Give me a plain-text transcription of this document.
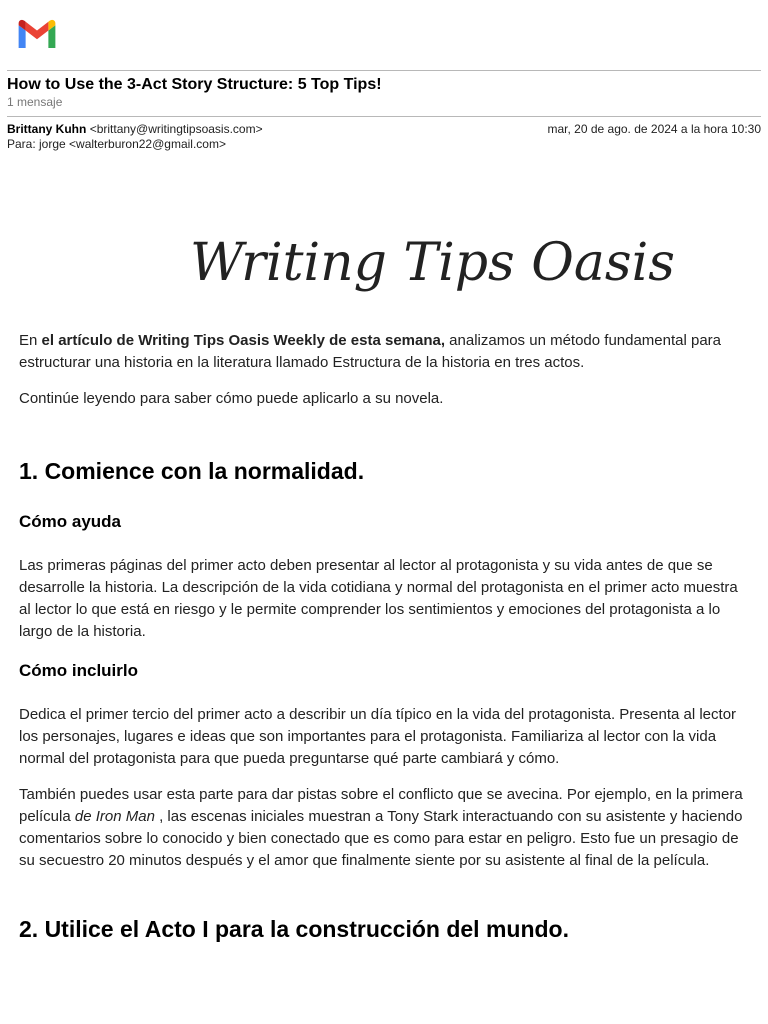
How to Use the 3-Act Story Structure: 5 Top Tips!
1 mensaje
Brittany Kuhn <brittany@writingtipsoasis.com>	mar, 20 de ago. de 2024 a la hora 10:30
Para: jorge <walterburon22@gmail.com>
Writing Tips Oasis

En el artículo de Writing Tips Oasis Weekly de esta semana, analizamos un método fundamental para estructurar una historia en la literatura llamado Estructura de la historia en tres actos.

Continúe leyendo para saber cómo puede aplicarlo a su novela.

1. Comience con la normalidad.
Cómo ayuda

Las primeras páginas del primer acto deben presentar al lector al protagonista y su vida antes de que se desarrolle la historia. La descripción de la vida cotidiana y normal del protagonista en el primer acto muestra al lector lo que está en riesgo y le permite comprender los sentimientos y emociones del protagonista a lo largo de la historia.

Cómo incluirlo

Dedica el primer tercio del primer acto a describir un día típico en la vida del protagonista. Presenta al lector los personajes, lugares e ideas que son importantes para el protagonista. Familiariza al lector con la vida normal del protagonista para que pueda preguntarse qué parte cambiará y cómo.

También puedes usar esta parte para dar pistas sobre el conflicto que se avecina. Por ejemplo, en la primera película de Iron Man , las escenas iniciales muestran a Tony Stark interactuando con su asistente y haciendo comentarios sobre lo conocido y bien conectado que es como para estar en peligro. Esto fue un presagio de su secuestro 20 minutos después y el amor que finalmente siente por su asistente al final de la película.

2. Utilice el Acto I para la construcción del mundo.
